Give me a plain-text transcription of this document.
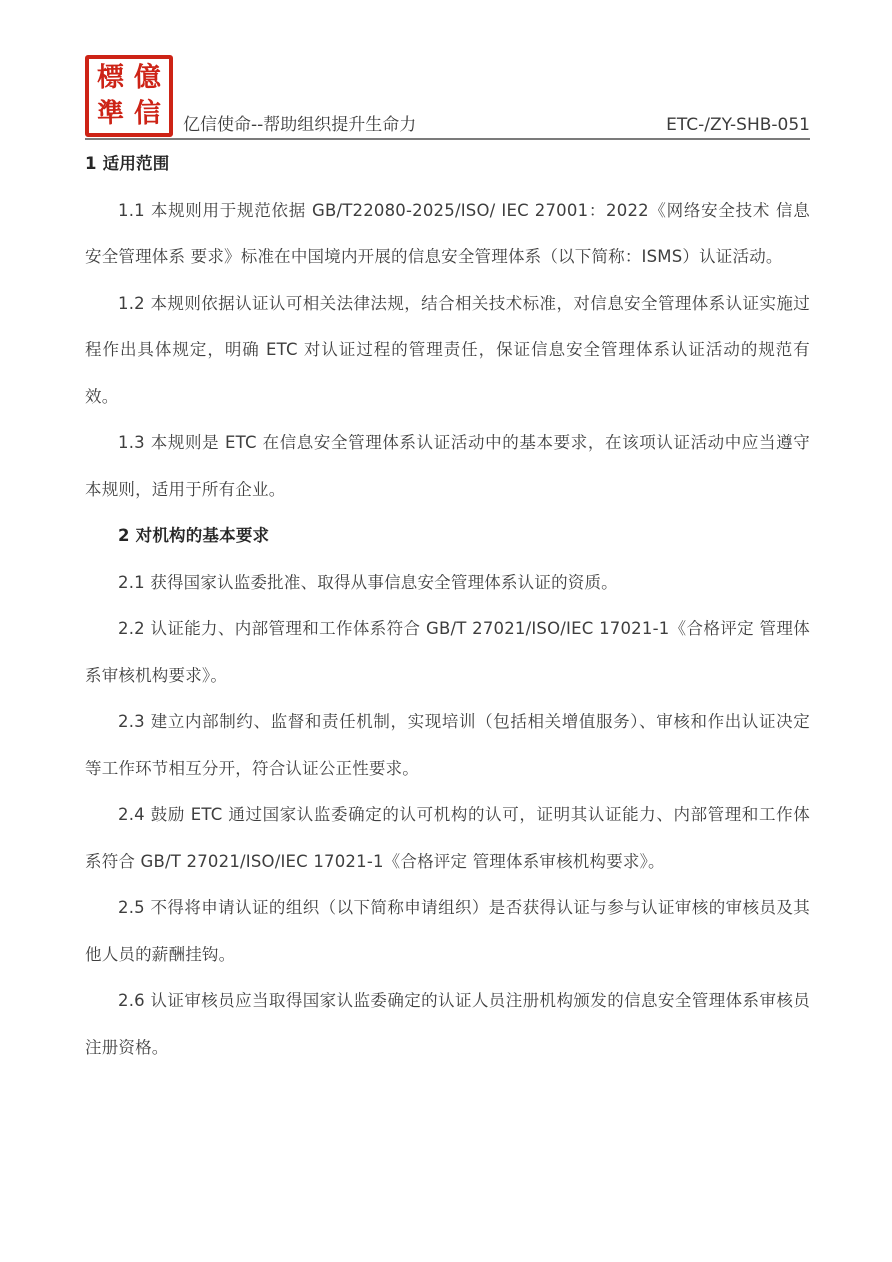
標 億
準 信 亿信使命--帮助组织提升生命力	ETC-/ZY-SHB-051

1 适用范围

1.1 本规则用于规范依据 GB/T22080-2025/ISO/ IEC 27001：2022《网络安全技术 信息安全管理体系 要求》标准在中国境内开展的信息安全管理体系（以下简称：ISMS）认证活动。

1.2 本规则依据认证认可相关法律法规，结合相关技术标准，对信息安全管理体系认证实施过程作出具体规定，明确 ETC 对认证过程的管理责任，保证信息安全管理体系认证活动的规范有效。

1.3 本规则是 ETC 在信息安全管理体系认证活动中的基本要求，在该项认证活动中应当遵守本规则，适用于所有企业。

2 对机构的基本要求

2.1 获得国家认监委批准、取得从事信息安全管理体系认证的资质。

2.2 认证能力、内部管理和工作体系符合 GB/T 27021/ISO/IEC 17021-1《合格评定 管理体系审核机构要求》。

2.3 建立内部制约、监督和责任机制，实现培训（包括相关增值服务）、审核和作出认证决定等工作环节相互分开，符合认证公正性要求。

2.4 鼓励 ETC 通过国家认监委确定的认可机构的认可，证明其认证能力、内部管理和工作体系符合 GB/T 27021/ISO/IEC 17021-1《合格评定 管理体系审核机构要求》。

2.5 不得将申请认证的组织（以下简称申请组织）是否获得认证与参与认证审核的审核员及其他人员的薪酬挂钩。

2.6 认证审核员应当取得国家认监委确定的认证人员注册机构颁发的信息安全管理体系审核员注册资格。
